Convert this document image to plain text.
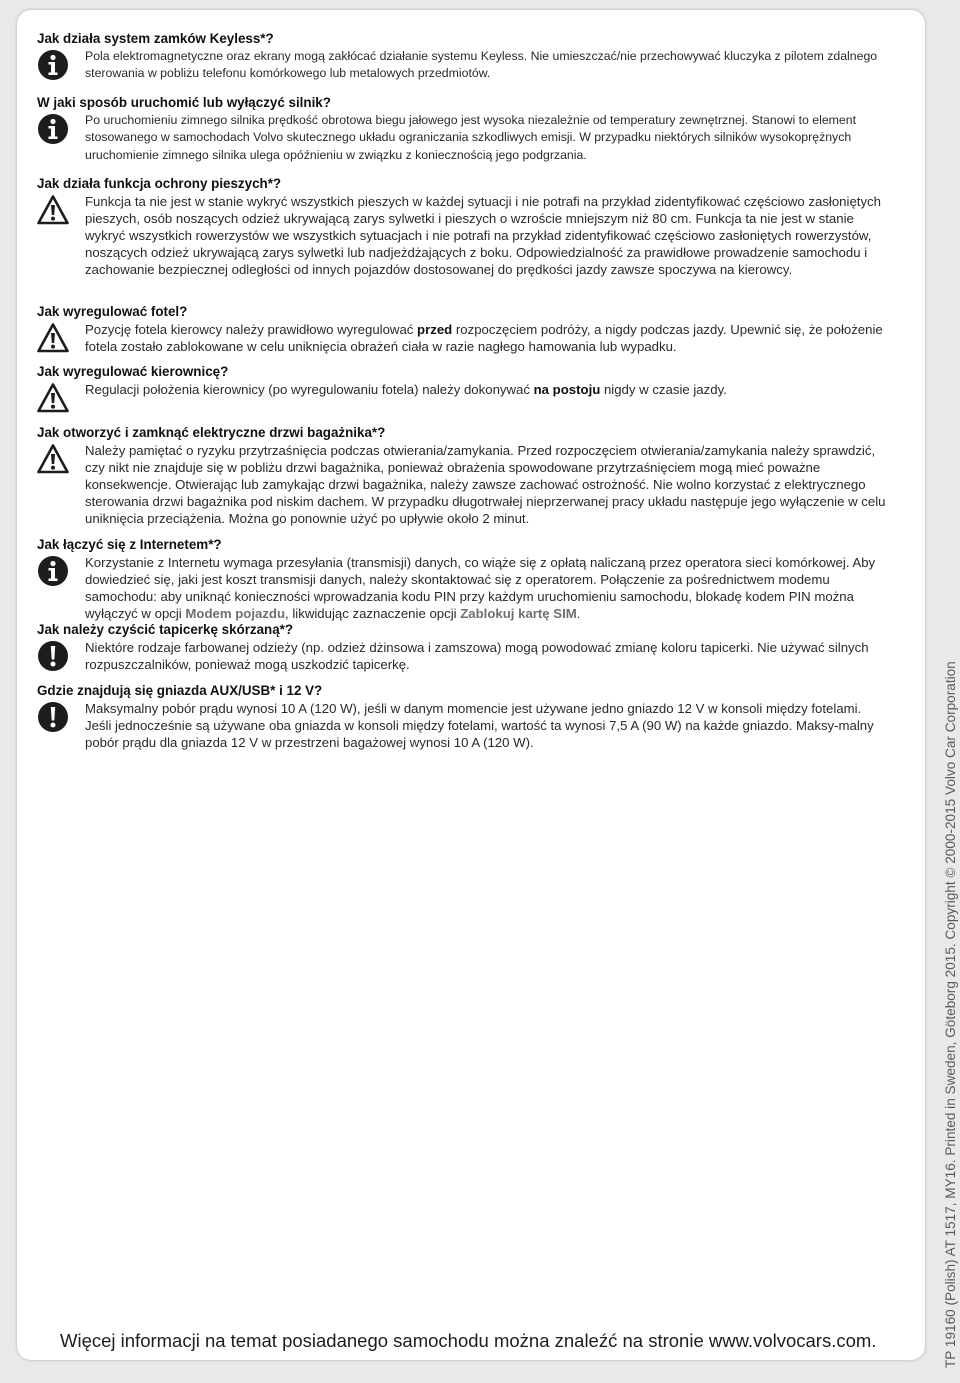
Jak działa system zamków Keyless*?
Pola elektromagnetyczne oraz ekrany mogą zakłócać działanie systemu Keyless. Nie umieszczać/nie przechowywać kluczyka z pilotem zdalnego sterowania w pobliżu telefonu komórkowego lub metalowych przedmiotów.
W jaki sposób uruchomić lub wyłączyć silnik?
Po uruchomieniu zimnego silnika prędkość obrotowa biegu jałowego jest wysoka niezależnie od temperatury zewnętrznej. Stanowi to element stosowanego w samochodach Volvo skutecznego układu ograniczania szkodliwych emisji. W przypadku niektórych silników wysokoprężnych uruchomienie zimnego silnika ulega opóźnieniu w związku z koniecznością jego podgrzania.
Jak działa funkcja ochrony pieszych*?
Funkcja ta nie jest w stanie wykryć wszystkich pieszych w każdej sytuacji i nie potrafi na przykład zidentyfikować częściowo zasłoniętych pieszych, osób noszących odzież ukrywającą zarys sylwetki i pieszych o wzroście mniejszym niż 80 cm. Funkcja ta nie jest w stanie wykryć wszystkich rowerzystów we wszystkich sytuacjach i nie potrafi na przykład zidentyfikować częściowo zasłoniętych rowerzystów, noszących odzież ukrywającą zarys sylwetki lub nadjeżdżających z boku. Odpowiedzialność za prawidłowe prowadzenie samochodu i zachowanie bezpiecznej odległości od innych pojazdów dostosowanej do prędkości jazdy zawsze spoczywa na kierowcy.
Jak wyregulować fotel?
Pozycję fotela kierowcy należy prawidłowo wyregulować przed rozpoczęciem podróży, a nigdy podczas jazdy. Upewnić się, że położenie fotela zostało zablokowane w celu uniknięcia obrażeń ciała w razie nagłego hamowania lub wypadku.
Jak wyregulować kierownicę?
Regulacji położenia kierownicy (po wyregulowaniu fotela) należy dokonywać na postoju nigdy w czasie jazdy.
Jak otworzyć i zamknąć elektryczne drzwi bagażnika*?
Należy pamiętać o ryzyku przytrzaśnięcia podczas otwierania/zamykania. Przed rozpoczęciem otwierania/zamykania należy sprawdzić, czy nikt nie znajduje się w pobliżu drzwi bagażnika, ponieważ obrażenia spowodowane przytrzaśnięciem mogą mieć poważne konsekwencje. Otwierając lub zamykając drzwi bagażnika, należy zawsze zachować ostrożność. Nie wolno korzystać z elektrycznego sterowania drzwi bagażnika pod niskim dachem. W przypadku długotrwałej nieprzerwanej pracy układu następuje jego wyłączenie w celu uniknięcia przeciążenia. Można go ponownie użyć po upływie około 2 minut.
Jak łączyć się z Internetem*?
Korzystanie z Internetu wymaga przesyłania (transmisji) danych, co wiąże się z opłatą naliczaną przez operatora sieci komórkowej. Aby dowiedzieć się, jaki jest koszt transmisji danych, należy skontaktować się z operatorem. Połączenie za pośrednictwem modemu samochodu: aby uniknąć konieczności wprowadzania kodu PIN przy każdym uruchomieniu samochodu, blokadę kodem PIN można wyłączyć w opcji Modem pojazdu, likwidując zaznaczenie opcji Zablokuj kartę SIM.
Jak należy czyścić tapicerkę skórzaną*?
Niektóre rodzaje farbowanej odzieży (np. odzież dżinsowa i zamszowa) mogą powodować zmianę koloru tapicerki. Nie używać silnych rozpuszczalników, ponieważ mogą uszkodzić tapicerkę.
Gdzie znajdują się gniazda AUX/USB* i 12 V?
Maksymalny pobór prądu wynosi 10 A (120 W), jeśli w danym momencie jest używane jedno gniazdo 12 V w konsoli między fotelami. Jeśli jednocześnie są używane oba gniazda w konsoli między fotelami, wartość ta wynosi 7,5 A (90 W) na każde gniazdo. Maksy-malny pobór prądu dla gniazda 12 V w przestrzeni bagażowej wynosi 10 A (120 W).
Więcej informacji na temat posiadanego samochodu można znaleźć na stronie www.volvocars.com.	TP 19160 (Polish) AT 1517, MY16. Printed in Sweden, Göteborg 2015. Copyright © 2000-2015 Volvo Car Corporation
